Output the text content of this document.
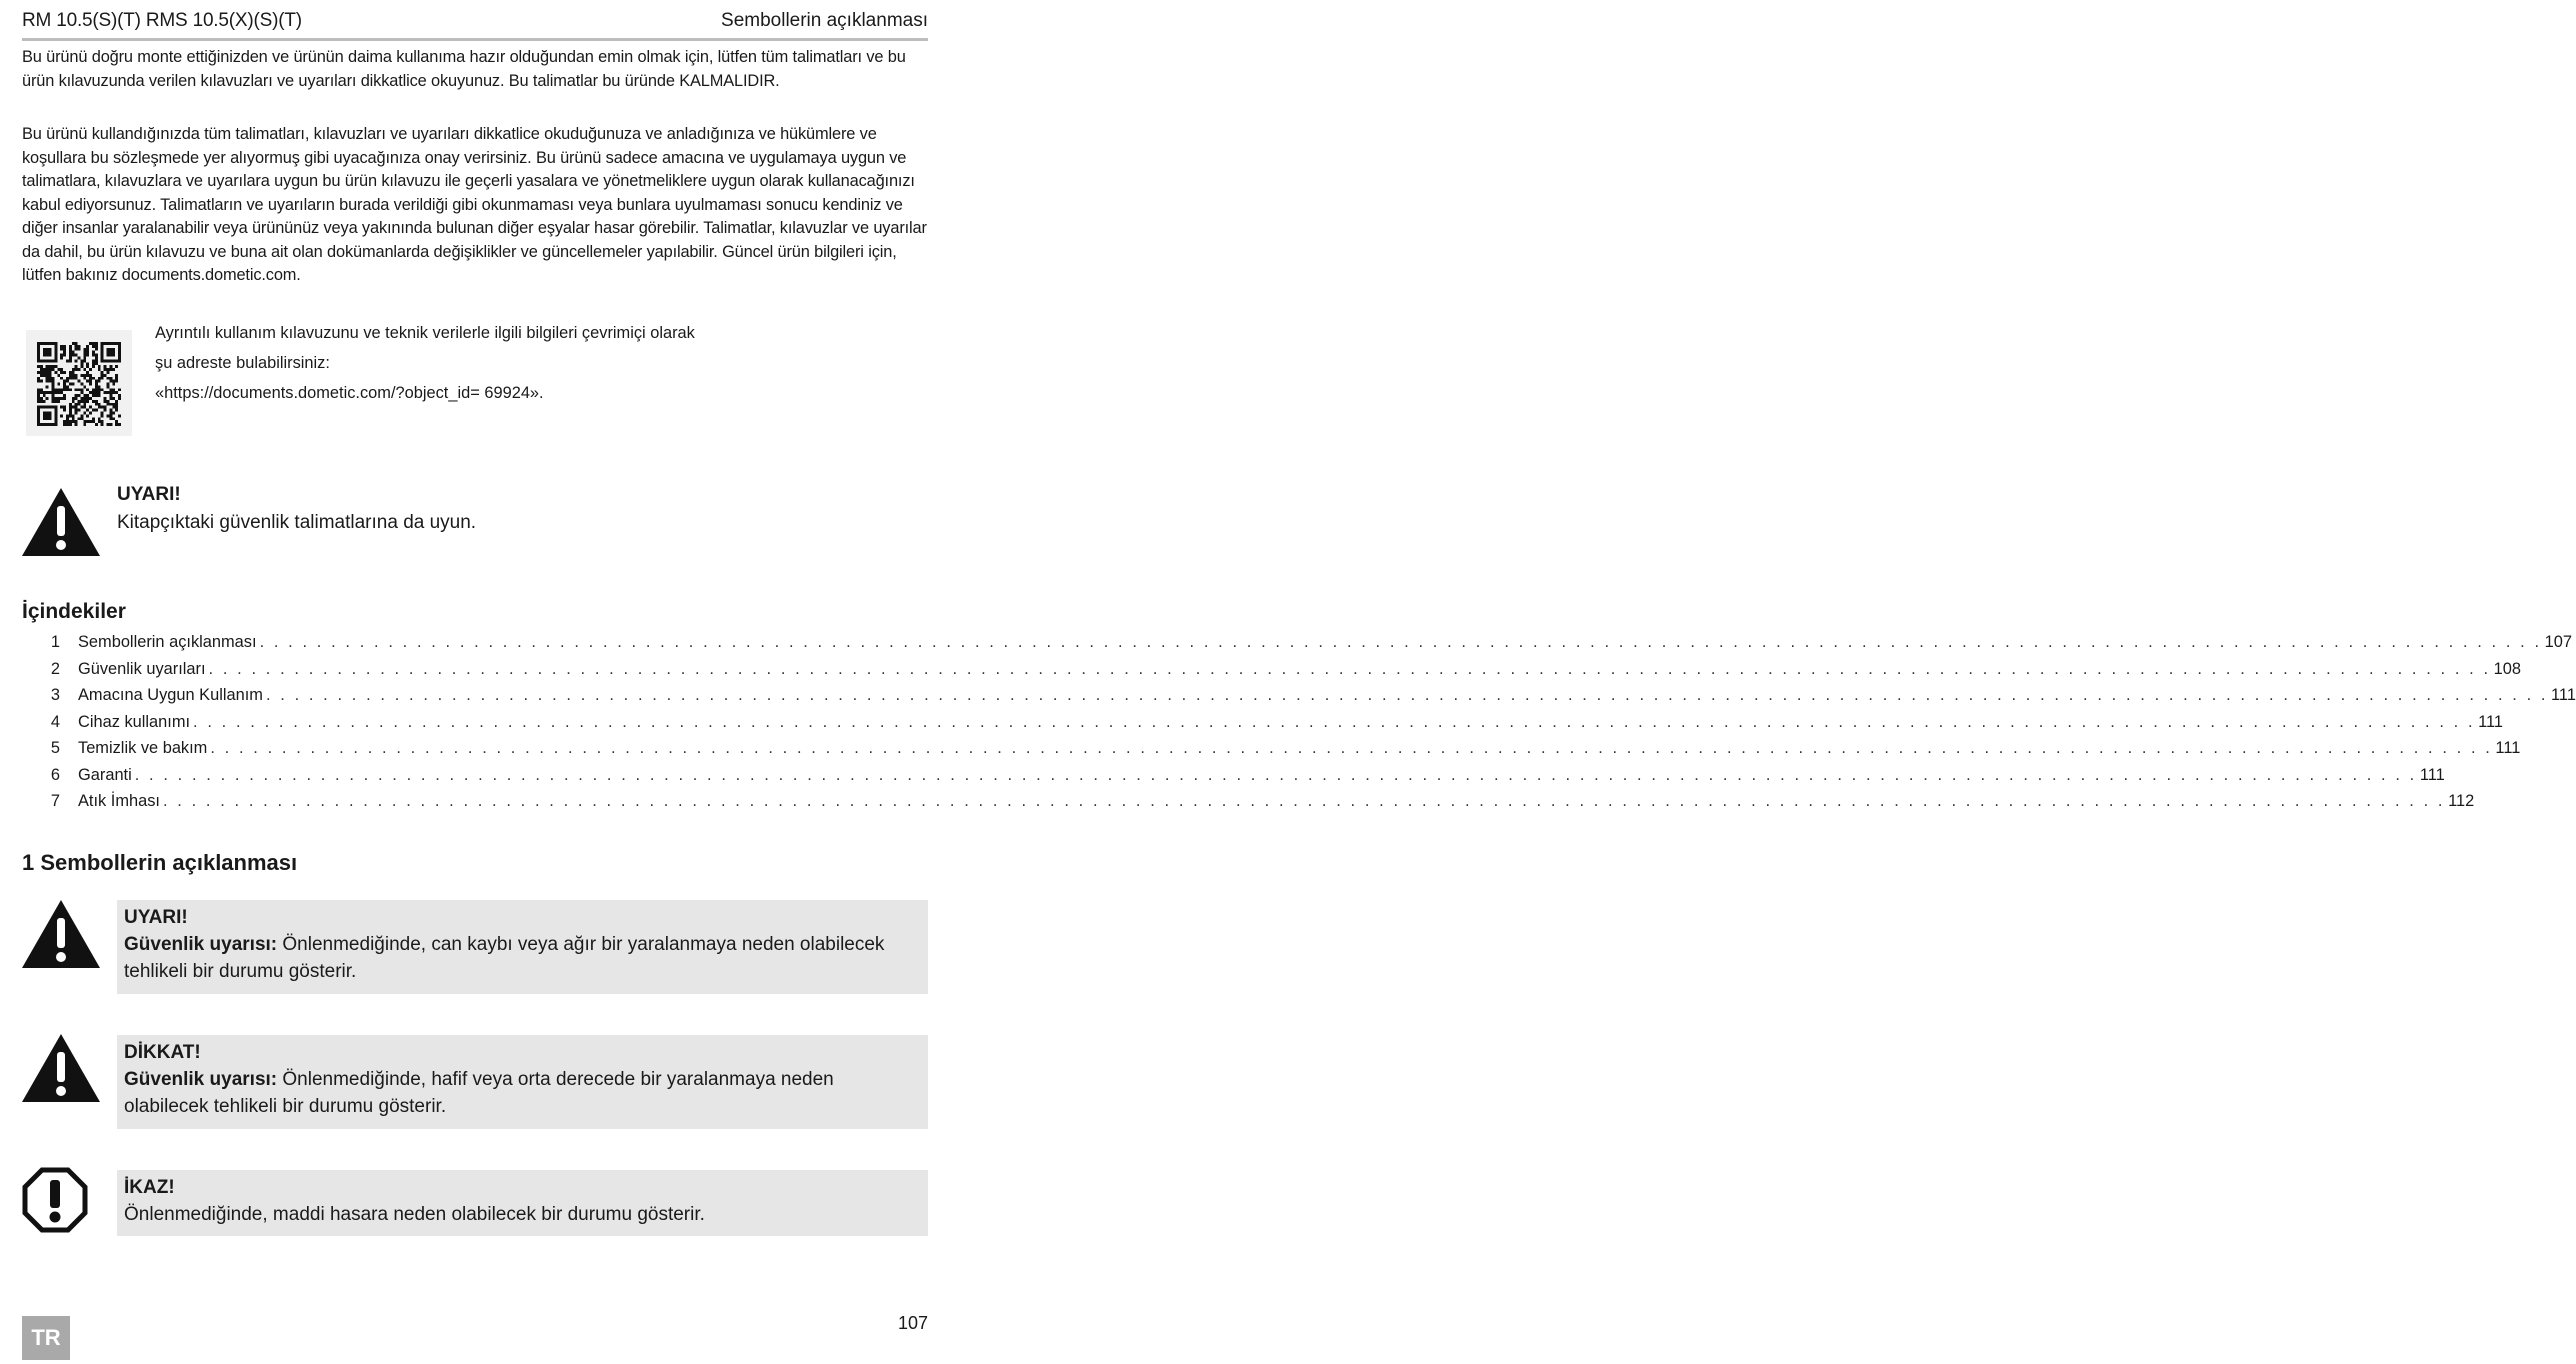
RM 10.5(S)(T) RMS 10.5(X)(S)(T)	Sembollerin açıklanması
Bu ürünü doğru monte ettiğinizden ve ürünün daima kullanıma hazır olduğundan emin olmak için, lütfen tüm talimatları ve bu ürün kılavuzunda verilen kılavuzları ve uyarıları dikkatlice okuyunuz. Bu talimatlar bu üründe KALMALIDIR.
Bu ürünü kullandığınızda tüm talimatları, kılavuzları ve uyarıları dikkatlice okuduğunuza ve anladığınıza ve hükümlere ve koşullara bu sözleşmede yer alıyormuş gibi uyacağınıza onay verirsiniz. Bu ürünü sadece amacına ve uygulamaya uygun ve talimatlara, kılavuzlara ve uyarılara uygun bu ürün kılavuzu ile geçerli yasalara ve yönetmeliklere uygun olarak kullanacağınızı kabul ediyorsunuz. Talimatların ve uyarıların burada verildiği gibi okunmaması veya bunlara uyulmaması sonucu kendiniz ve diğer insanlar yaralanabilir veya ürününüz veya yakınında bulunan diğer eşyalar hasar görebilir. Talimatlar, kılavuzlar ve uyarılar da dahil, bu ürün kılavuzu ve buna ait olan dokümanlarda değişiklikler ve güncellemeler yapılabilir. Güncel ürün bilgileri için, lütfen bakınız documents.dometic.com.
Ayrıntılı kullanım kılavuzunu ve teknik verilerle ilgili bilgileri çevrimiçi olarak
şu adreste bulabilirsiniz:
«https://documents.dometic.com/?object_id= 69924».
UYARI!
Kitapçıktaki güvenlik talimatlarına da uyun.
İçindekiler
1	Sembollerin açıklanması . . . . . . . . . . . . . . . . . . . . . . . . . . . . . . . . . . . . . . . . . . . . . . . . . . . . . . . . . . . . . . . . . . . . . . . . . . . . . . . . . . . . . . . . . . . . . . . . . . . . . . . . . . . . . . . . . . . . . . . . . . . . . . . . . . . . . . . . . . . . . . . . . . . . . . . . . . . . . . . . 107
2	Güvenlik uyarıları . . . . . . . . . . . . . . . . . . . . . . . . . . . . . . . . . . . . . . . . . . . . . . . . . . . . . . . . . . . . . . . . . . . . . . . . . . . . . . . . . . . . . . . . . . . . . . . . . . . . . . . . . . . . . . . . . . . . . . . . . . . . . . . . . . . . . . . . . . . . . . . . . . . . . . . . . . . . . . . . 108
3	Amacına Uygun Kullanım . . . . . . . . . . . . . . . . . . . . . . . . . . . . . . . . . . . . . . . . . . . . . . . . . . . . . . . . . . . . . . . . . . . . . . . . . . . . . . . . . . . . . . . . . . . . . . . . . . . . . . . . . . . . . . . . . . . . . . . . . . . . . . . . . . . . . . . . . . . . . . . . . . . . . . . . . . . . . . . . 111
4	Cihaz kullanımı . . . . . . . . . . . . . . . . . . . . . . . . . . . . . . . . . . . . . . . . . . . . . . . . . . . . . . . . . . . . . . . . . . . . . . . . . . . . . . . . . . . . . . . . . . . . . . . . . . . . . . . . . . . . . . . . . . . . . . . . . . . . . . . . . . . . . . . . . . . . . . . . . . . . . . . . . . . . . . . . 111
5	Temizlik ve bakım . . . . . . . . . . . . . . . . . . . . . . . . . . . . . . . . . . . . . . . . . . . . . . . . . . . . . . . . . . . . . . . . . . . . . . . . . . . . . . . . . . . . . . . . . . . . . . . . . . . . . . . . . . . . . . . . . . . . . . . . . . . . . . . . . . . . . . . . . . . . . . . . . . . . . . . . . . . . . . . . 111
6	Garanti . . . . . . . . . . . . . . . . . . . . . . . . . . . . . . . . . . . . . . . . . . . . . . . . . . . . . . . . . . . . . . . . . . . . . . . . . . . . . . . . . . . . . . . . . . . . . . . . . . . . . . . . . . . . . . . . . . . . . . . . . . . . . . . . . . . . . . . . . . . . . . . . . . . . . . . . . . . . . . . . 111
7	Atık İmhası . . . . . . . . . . . . . . . . . . . . . . . . . . . . . . . . . . . . . . . . . . . . . . . . . . . . . . . . . . . . . . . . . . . . . . . . . . . . . . . . . . . . . . . . . . . . . . . . . . . . . . . . . . . . . . . . . . . . . . . . . . . . . . . . . . . . . . . . . . . . . . . . . . . . . . . . . . . . . . . . 112
1 Sembollerin açıklanması
UYARI!
Güvenlik uyarısı: Önlenmediğinde, can kaybı veya ağır bir yaralanmaya neden olabilecek tehlikeli bir durumu gösterir.
DİKKAT!
Güvenlik uyarısı: Önlenmediğinde, hafif veya orta derecede bir yaralanmaya neden olabilecek tehlikeli bir durumu gösterir.
İKAZ!
Önlenmediğinde, maddi hasara neden olabilecek bir durumu gösterir.
TR
107
